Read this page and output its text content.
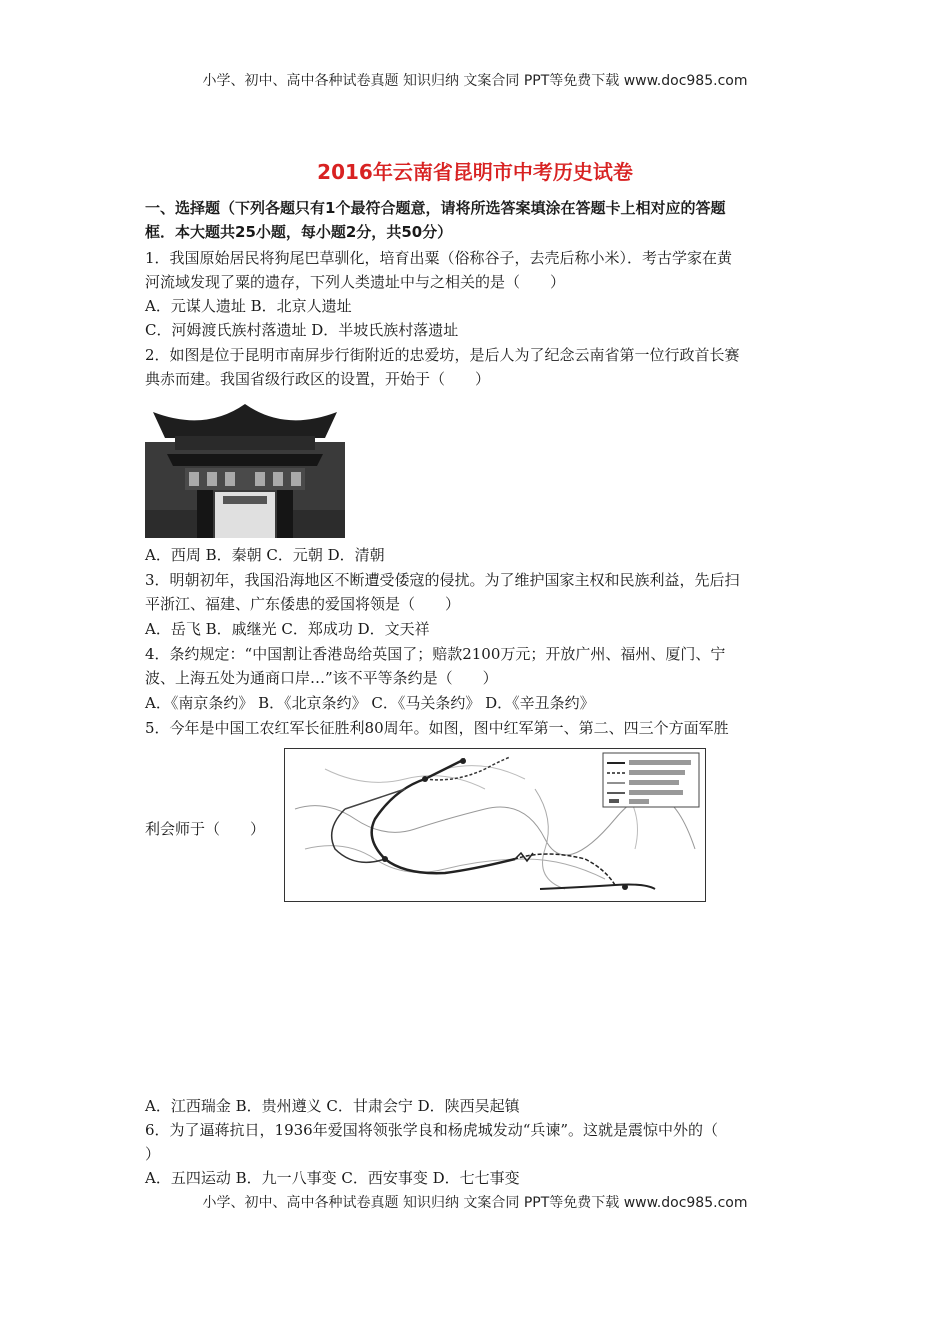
小学、初中、高中各种试卷真题 知识归纳 文案合同 PPT等免费下载 www.doc985.com
2016年云南省昆明市中考历史试卷
一、选择题（下列各题只有1个最符合题意，请将所选答案填涂在答题卡上相对应的答题
框．本大题共25小题，每小题2分，共50分）
1．我国原始居民将狗尾巴草驯化，培育出粟（俗称谷子，去壳后称小米）．考古学家在黄
河流域发现了粟的遗存，下列人类遗址中与之相关的是（　　）
A．元谋人遗址 B．北京人遗址
C．河姆渡氏族村落遗址 D．半坡氏族村落遗址
2．如图是位于昆明市南屏步行街附近的忠爱坊，是后人为了纪念云南省第一位行政首长赛
典赤而建。我国省级行政区的设置，开始于（　　）
A．西周 B．秦朝 C．元朝 D．清朝
3．明朝初年，我国沿海地区不断遭受倭寇的侵扰。为了维护国家主权和民族利益，先后扫
平浙江、福建、广东倭患的爱国将领是（　　）
A．岳飞 B．戚继光 C．郑成功 D．文天祥
4．条约规定：“中国割让香港岛给英国了；赔款2100万元；开放广州、福州、厦门、宁
波、上海五处为通商口岸…”该不平等条约是（　　）
A．《南京条约》 B．《北京条约》 C．《马关条约》 D．《辛丑条约》
5．今年是中国工农红军长征胜利80周年。如图，图中红军第一、第二、四三个方面军胜
利会师于（　　）
A．江西瑞金 B．贵州遵义 C．甘肃会宁 D．陕西吴起镇
6．为了逼蒋抗日，1936年爱国将领张学良和杨虎城发动“兵谏”。这就是震惊中外的（
）
A．五四运动 B．九一八事变 C．西安事变 D．七七事变
小学、初中、高中各种试卷真题 知识归纳 文案合同 PPT等免费下载 www.doc985.com
